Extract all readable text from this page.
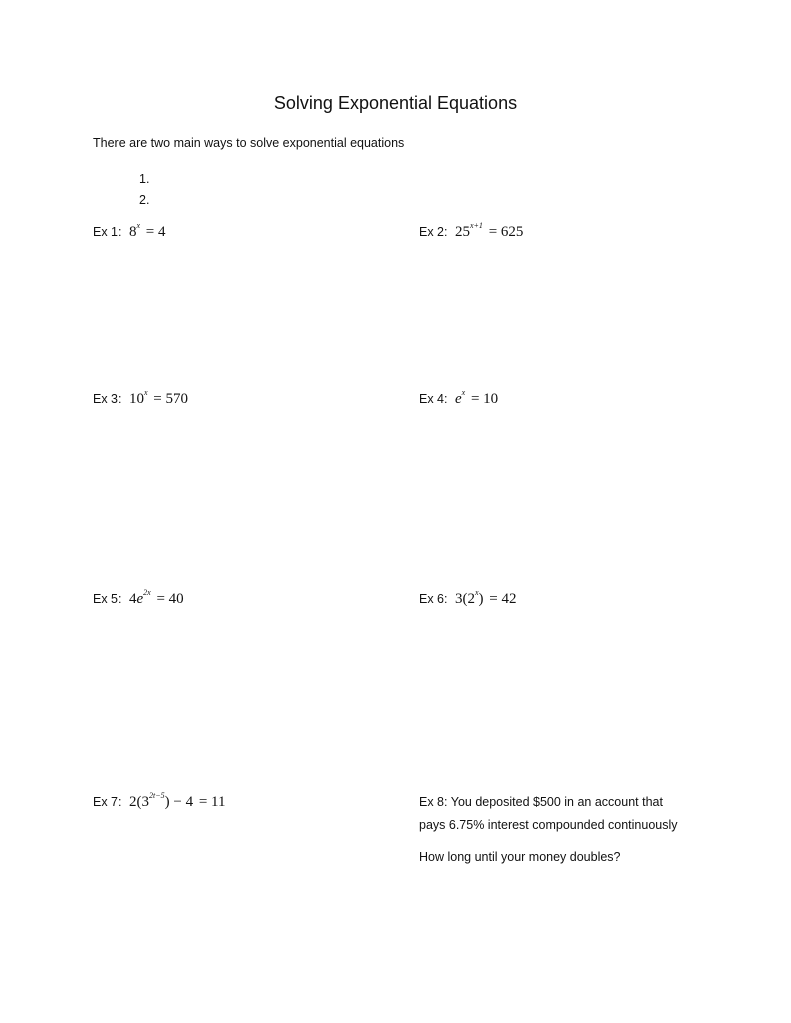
Solving Exponential Equations
There are two main ways to solve exponential equations
1.
2.
Ex 1: $8^x = 4$	Ex 2: $25^{x+1} = 625$
Ex 3: $10^x = 570$	Ex 4: $e^x = 10$
Ex 5: $4e^{2x} = 40$	Ex 6: $3(2^x) = 42$
Ex 7: $2(3^{2t-5}) - 4 = 11$	Ex 8: You deposited $500 in an account that
pays 6.75% interest compounded continuously
How long until your money doubles?
